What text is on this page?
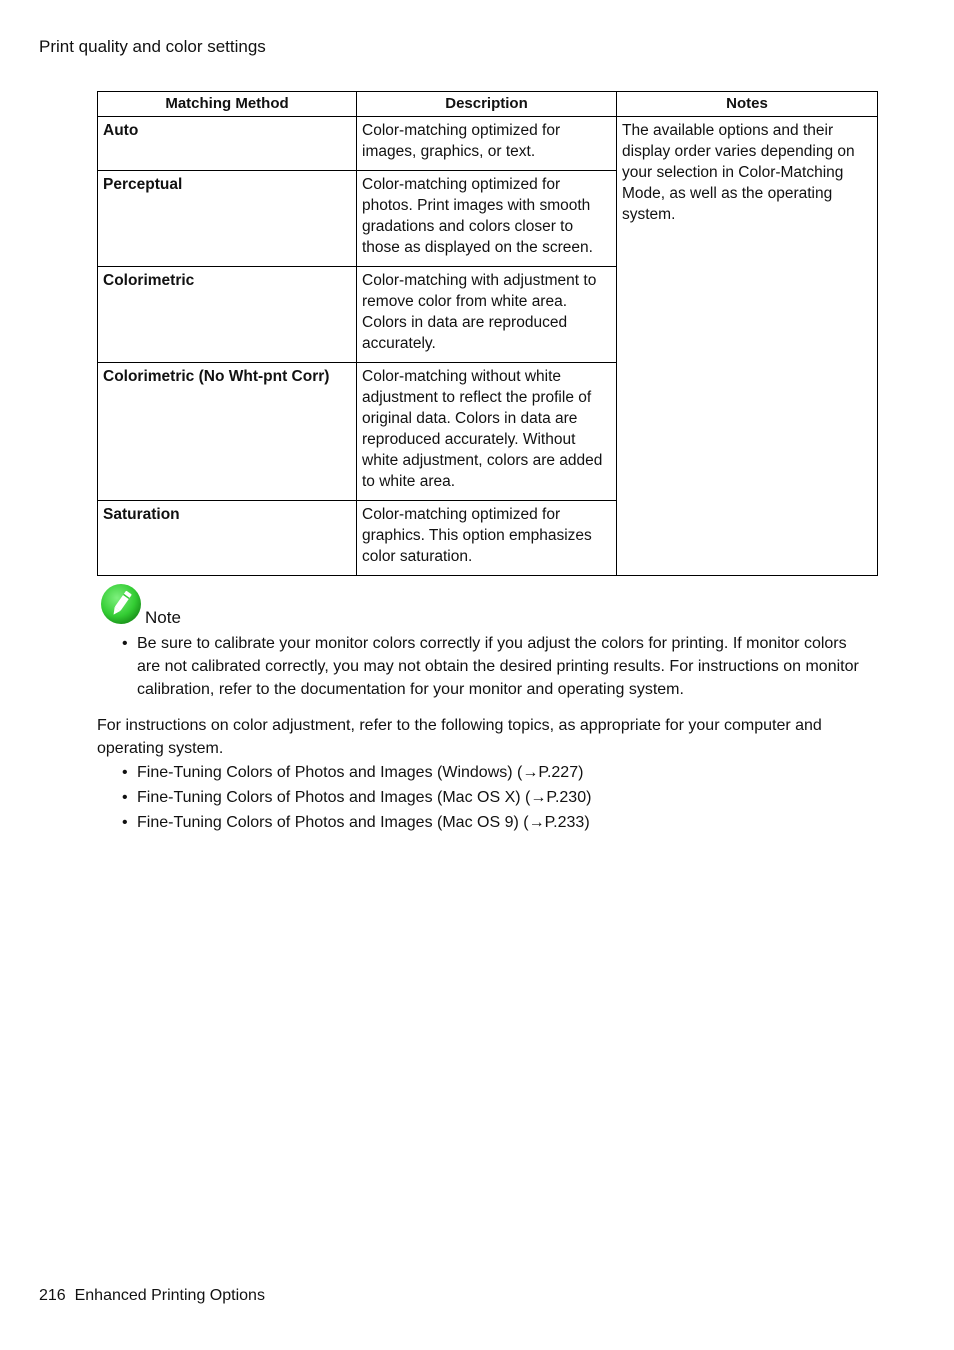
Print quality and color settings
Matching Method	Description	Notes
Auto	Color-matching optimized for images, graphics, or text.	The available options and their display order varies depending on your selection in Color-Matching Mode, as well as the operating system.
Perceptual	Color-matching optimized for photos. Print images with smooth gradations and colors closer to those as displayed on the screen.	
Colorimetric	Color-matching with adjustment to remove color from white area. Colors in data are reproduced accurately.	
Colorimetric (No Wht-pnt Corr)	Color-matching without white adjustment to reflect the profile of original data. Colors in data are reproduced accurately. Without white adjustment, colors are added to white area.	
Saturation	Color-matching optimized for graphics. This option emphasizes color saturation.	
Note
• Be sure to calibrate your monitor colors correctly if you adjust the colors for printing. If monitor colors are not calibrated correctly, you may not obtain the desired printing results. For instructions on monitor calibration, refer to the documentation for your monitor and operating system.
For instructions on color adjustment, refer to the following topics, as appropriate for your computer and operating system.
• Fine-Tuning Colors of Photos and Images (Windows) (→P.227)
• Fine-Tuning Colors of Photos and Images (Mac OS X) (→P.230)
• Fine-Tuning Colors of Photos and Images (Mac OS 9) (→P.233)
216 Enhanced Printing Options
